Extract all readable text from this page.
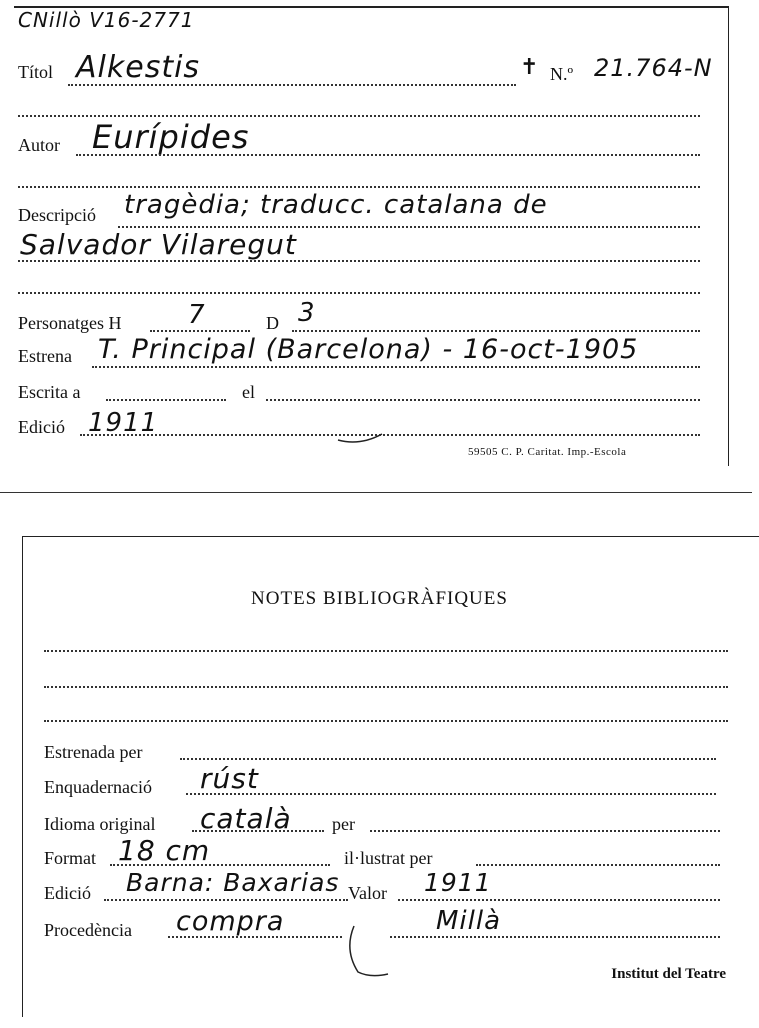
CNillò V16-2771
Títol Alkestis	✝ N.º 21.764-N
Autor Eurípides
Descripció tragèdia; traducc. catalana de
Salvador Vilaregut
Personatges H	7	D 3
Estrena T. Principal (Barcelona) - 16-oct-1905
Escrita a	el
Edició 1911
59505 C. P. Caritat. Imp.-Escola
NOTES BIBLIOGRÀFIQUES
Estrenada per
Enquadernació rúst
Idioma original català per
Format 18 cm	il·lustrat per
Edició Barna: Baxarias Valor 1911
Procedència compra	Millà
Institut del Teatre
